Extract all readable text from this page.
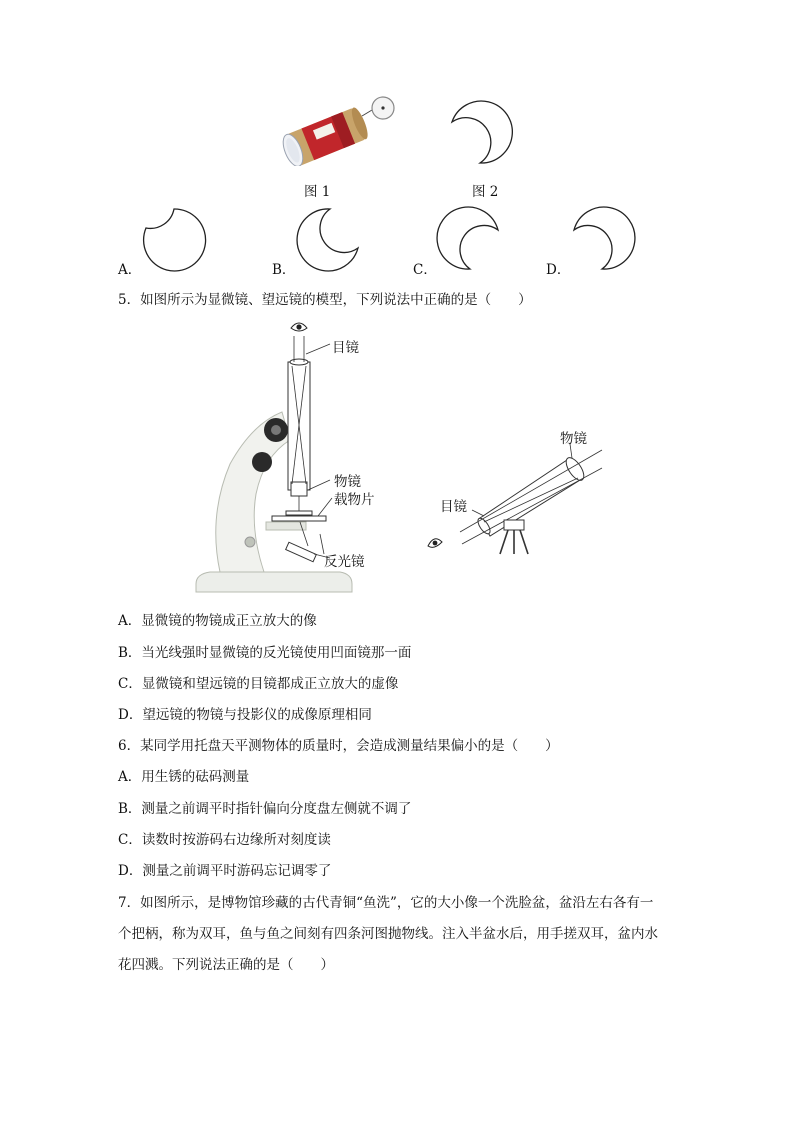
图 1	图 2
A．	B．	C．	D．
5．如图所示为显微镜、望远镜的模型，下列说法中正确的是（　　）
目镜
物镜
载物片
反光镜
物镜
目镜
A．显微镜的物镜成正立放大的像
B．当光线强时显微镜的反光镜使用凹面镜那一面
C．显微镜和望远镜的目镜都成正立放大的虚像
D．望远镜的物镜与投影仪的成像原理相同
6．某同学用托盘天平测物体的质量时，会造成测量结果偏小的是（　　）
A．用生锈的砝码测量
B．测量之前调平时指针偏向分度盘左侧就不调了
C．读数时按游码右边缘所对刻度读
D．测量之前调平时游码忘记调零了
7．如图所示，是博物馆珍藏的古代青铜“鱼洗”，它的大小像一个洗脸盆，盆沿左右各有一
个把柄，称为双耳，鱼与鱼之间刻有四条河图抛物线。注入半盆水后，用手搓双耳，盆内水
花四溅。下列说法正确的是（　　）
